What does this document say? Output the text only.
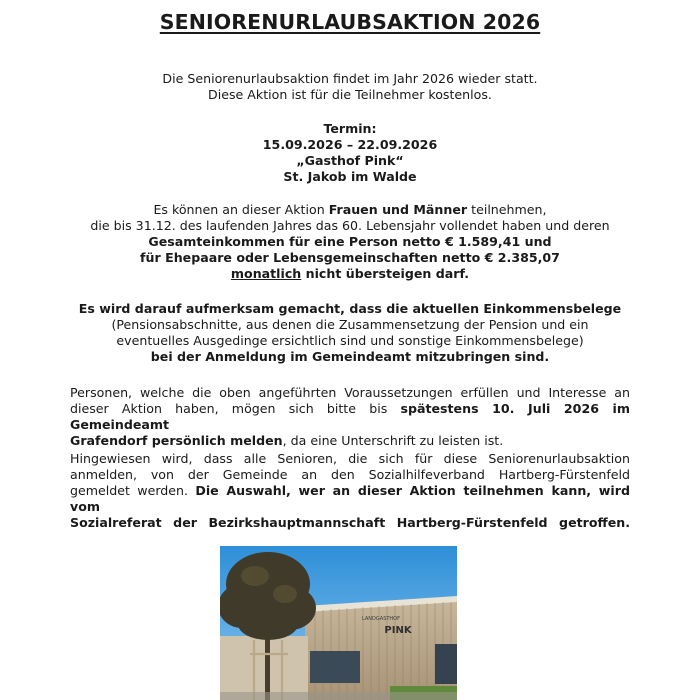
SENIORENURLAUBSAKTION 2026
Die Seniorenurlaubsaktion findet im Jahr 2026 wieder statt.
Diese Aktion ist für die Teilnehmer kostenlos.
Termin:
15.09.2026 – 22.09.2026
„Gasthof Pink“
St. Jakob im Walde
Es können an dieser Aktion Frauen und Männer teilnehmen,
die bis 31.12. des laufenden Jahres das 60. Lebensjahr vollendet haben und deren
Gesamteinkommen für eine Person netto € 1.589,41 und
für Ehepaare oder Lebensgemeinschaften netto € 2.385,07
monatlich nicht übersteigen darf.
Es wird darauf aufmerksam gemacht, dass die aktuellen Einkommensbelege
(Pensionsabschnitte, aus denen die Zusammensetzung der Pension und ein
eventuelles Ausgedinge ersichtlich sind und sonstige Einkommensbelege)
bei der Anmeldung im Gemeindeamt mitzubringen sind.
Personen, welche die oben angeführten Voraussetzungen erfüllen und Interesse an
dieser Aktion haben, mögen sich bitte bis spätestens 10. Juli 2026 im Gemeindeamt
Grafendorf persönlich melden, da eine Unterschrift zu leisten ist.
Hingewiesen wird, dass alle Senioren, die sich für diese Seniorenurlaubsaktion
anmelden, von der Gemeinde an den Sozialhilfeverband Hartberg-Fürstenfeld
gemeldet werden. Die Auswahl, wer an dieser Aktion teilnehmen kann, wird vom
Sozialreferat der Bezirkshauptmannschaft Hartberg-Fürstenfeld getroffen.
LANDGASTHOF
PINK
